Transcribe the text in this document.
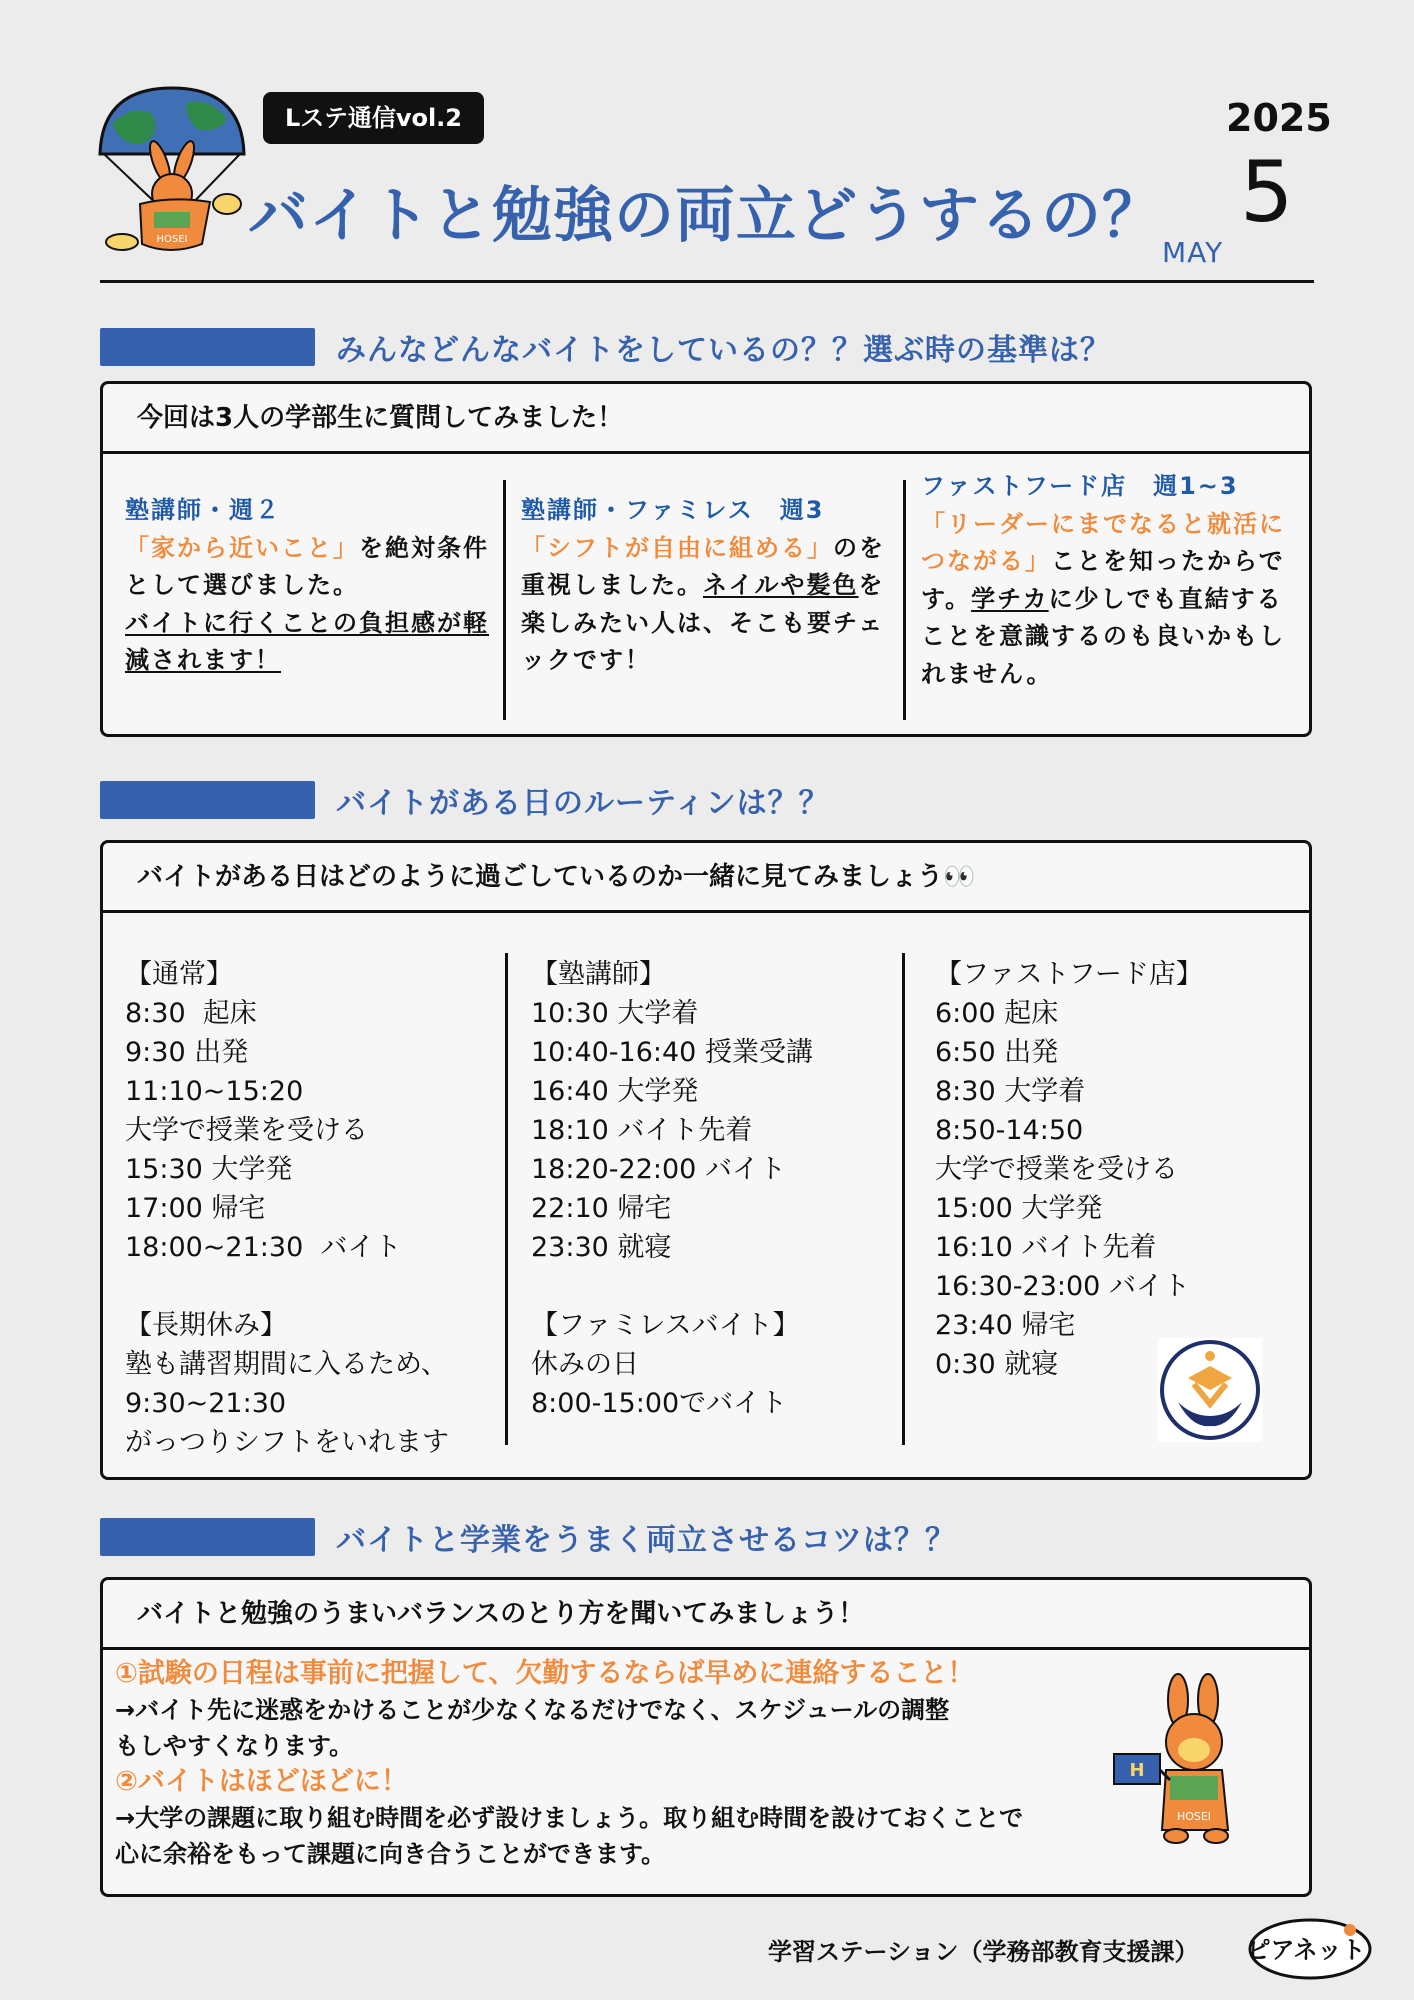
HOSEI
Lステ通信vol.2
バイトと勉強の両立どうするの？
2025
5
MAY
みんなどんなバイトをしているの？？選ぶ時の基準は？
今回は3人の学部生に質問してみました！
塾講師・週２
「家から近いこと」を絶対条件として選びました。
バイトに行くことの負担感が軽減されます！
塾講師・ファミレス　週3
「シフトが自由に組める」のを重視しました。ネイルや髪色を楽しみたい人は、そこも要チェックです！
ファストフード店　週1~3
「リーダーにまでなると就活につながる」ことを知ったからです。学チカに少しでも直結することを意識するのも良いかもしれません。
バイトがある日のルーティンは？？
バイトがある日はどのように過ごしているのか一緒に見てみましょう👀
【通常】
8:30  起床
9:30 出発
11:10~15:20
大学で授業を受ける
15:30 大学発
17:00 帰宅
18:00~21:30  バイト

【長期休み】
塾も講習期間に入るため、
9:30~21:30
がっつりシフトをいれます
【塾講師】
10:30 大学着
10:40-16:40 授業受講
16:40 大学発
18:10 バイト先着
18:20-22:00 バイト
22:10 帰宅
23:30 就寝

【ファミレスバイト】
休みの日
8:00-15:00でバイト
【ファストフード店】
6:00 起床
6:50 出発
8:30 大学着
8:50-14:50
大学で授業を受ける
15:00 大学発
16:10 バイト先着
16:30-23:00 バイト
23:40 帰宅
0:30 就寝
バイトと学業をうまく両立させるコツは？？
バイトと勉強のうまいバランスのとり方を聞いてみましょう！
①試験の日程は事前に把握して、欠勤するならば早めに連絡すること！
→バイト先に迷惑をかけることが少なくなるだけでなく、スケジュールの調整
もしやすくなります。
②バイトはほどほどに！
→大学の課題に取り組む時間を必ず設けましょう。取り組む時間を設けておくことで
心に余裕をもって課題に向き合うことができます。
HOSEI
H
学習ステーション（学務部教育支援課） ピアネット
